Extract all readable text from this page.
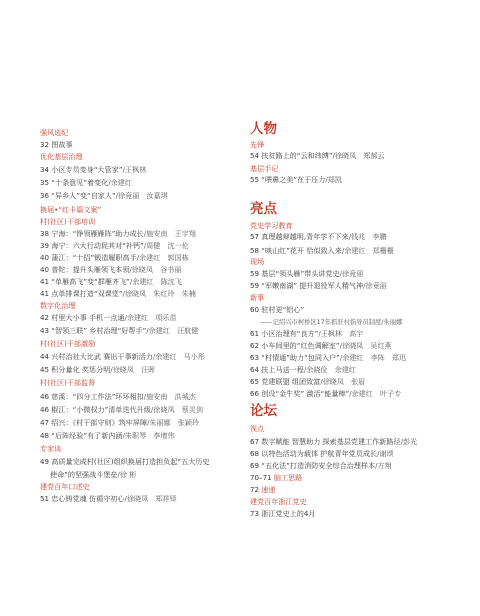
强风选纪
32 图故事
优化基层治理
34 小区专员变身“大管家”/王枫林
35 “十条意见”着变化/余建红
36 “异乡人”变“自家人”/徐竟丽　汝嘉琪
换届•“红卡篇文案”
村(社区)干部培训
38 宁海：“铮领雁雁阵”助力成长/施安南　王宇翔
39 海宁：六大行动促其对“补钙”/周健　沈一伦
40 蒲江：“十招”锻造履职高手/余建红　郭国栋
40 普陀：提升头雁领飞本领/徐晓凤　谷书丽
41 “单雁高飞”变“群雁齐飞”/余建红　陈沈飞
41 点单排课打造“双课堂”/徐晓凤　朱红玲　朱楠
数字化治理
42 村里大小事 手机一点通/余建红　项乐苗
43 “智领三联” 乡村治理“好帮手”/余建红　汪航健
村(社区)干部激励
44 兴村治社大比武 赛出干事新活力/余建红　马小彤
45 积分量化 奖惩分明/徐晓凤　汪晖
村(社区)干部监督
46 慈溪：“四分工作法”环环相扣/施安南　洪城杰
46 椒江：“小微权力”清单迭代升级/徐晓凤　蔡灵剑
47 绍兴：《村干部守则》筑牢屏障/朱丽娜　张颖玲
48 “后阵经验”有了新内涵/朱职琴　李增伟
专家谈
49 高质量完成村(社区)组织换届打造担负起“五大历史
使命”的坚强战斗堡垒/徐 彬
建党百年口述史
51 忠心铸党魂 仿循守初心/徐晓凤　郑祥铎
人物
先锋
54 扶贫路上的“云和纬缚”/徐晓凤　郑郝云
基层手记
55 “喂鼻之美”在于压力/郑凯
亮点
党史学习教育
57 真理越辩越明,青年学不下来/钱兆　李鹏
58 “映山红”花开 恰似致入来/余建红　郑栅栅
现场
59 基层“领头雁”带头讲党史/徐竟丽
59 “军嫩南湖” 提升退役军人精气神/徐竟丽
新事
60 驻村更“铝心”
——记绍兴市柯桥区17年抓驻村指导员制度/朱丽娜
61 小区治理有“良方”/王枫林　高宇
62 小车间里的“红色调解室”/徐晓凤　吴红燕
63 “村情通”助力“包同入户”/余建红　李阵　郑迅
64 扶上马送一程/余晓俭　余建红
65 党建联盟 组团致富/徐晓凤　张眉
66 创设“金牛奖” 激活“能量棒”/余建红　叶子专
论坛
视点
67 数字赋能 智慧助力 探索基层党建工作新路径/彭光
68 以特色活动为载体 护航青年党员成长/谢颂
69 “五化法”打造消防安全综合治理样本/方翔
70–71 脑工思路
72 速递
建党百年浙江党史
73 浙江党史上的4月
